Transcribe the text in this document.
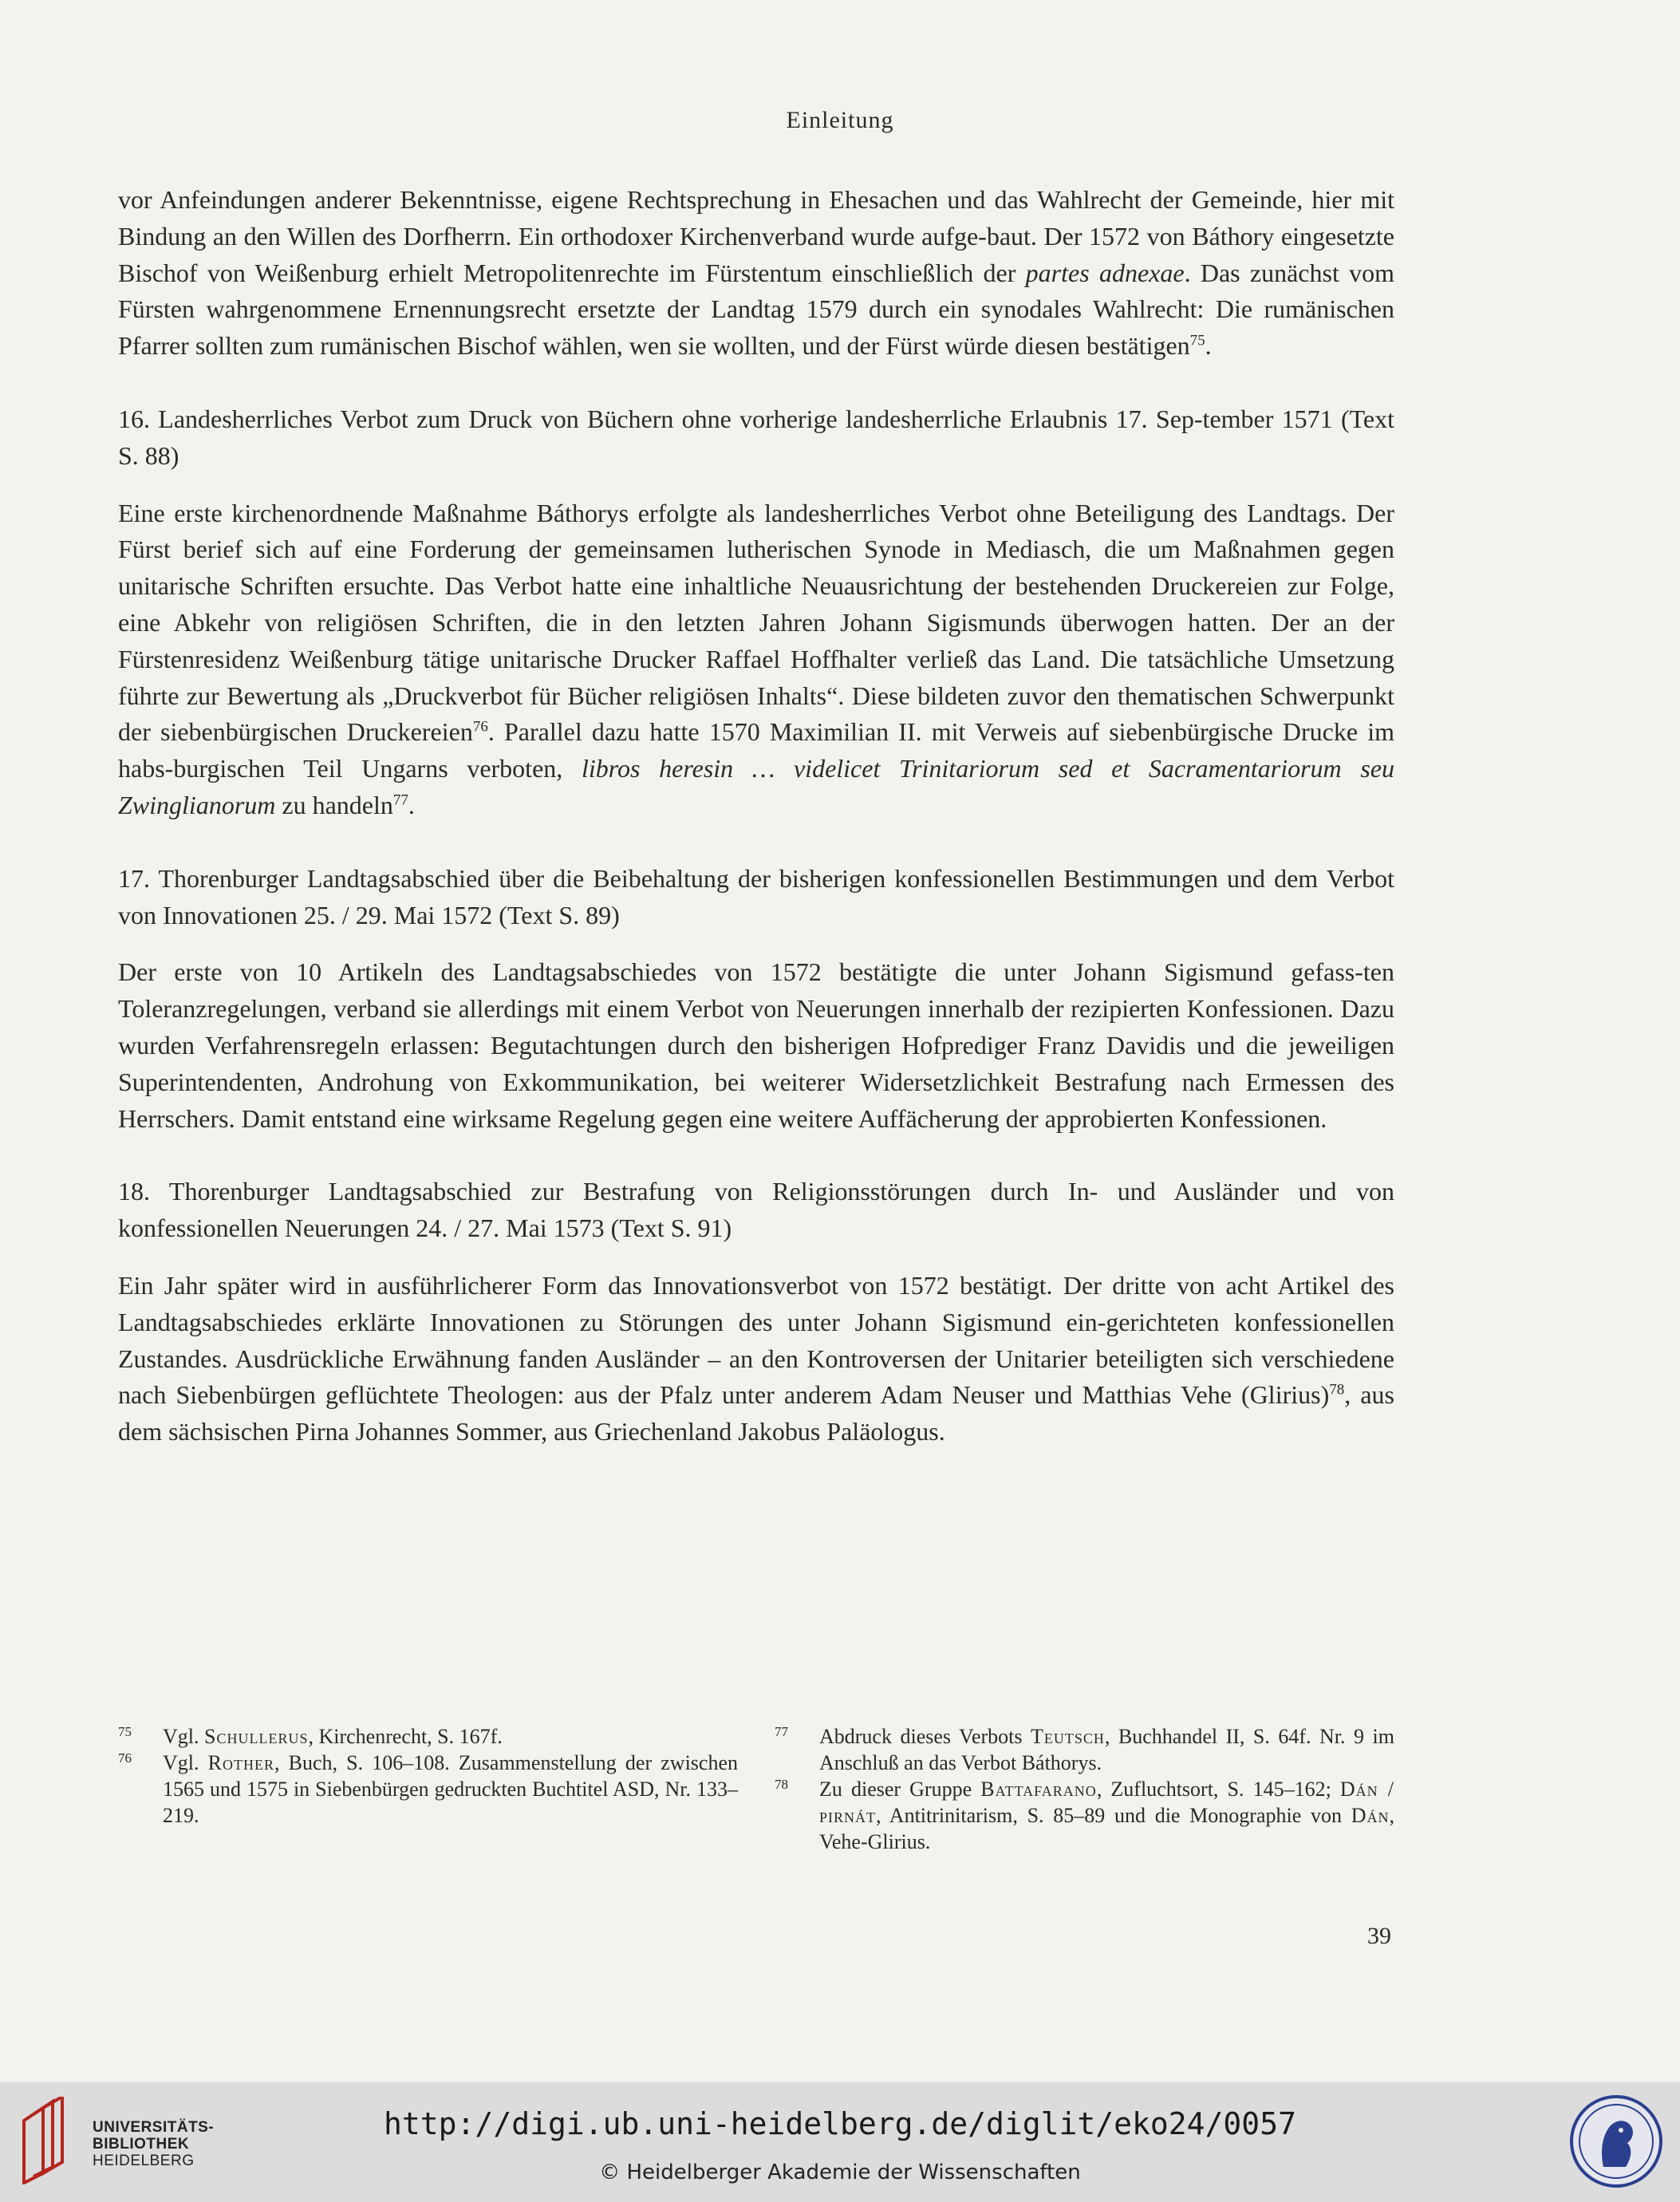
Einleitung

vor Anfeindungen anderer Bekenntnisse, eigene Rechtsprechung in Ehesachen und das Wahlrecht der Gemeinde, hier mit Bindung an den Willen des Dorfherrn. Ein orthodoxer Kirchenverband wurde aufge-baut. Der 1572 von Báthory eingesetzte Bischof von Weißenburg erhielt Metropolitenrechte im Fürstentum einschließlich der partes adnexae. Das zunächst vom Fürsten wahrgenommene Ernennungsrecht ersetzte der Landtag 1579 durch ein synodales Wahlrecht: Die rumänischen Pfarrer sollten zum rumänischen Bischof wählen, wen sie wollten, und der Fürst würde diesen bestätigen$^{75}$.

16. Landesherrliches Verbot zum Druck von Büchern ohne vorherige landesherrliche Erlaubnis 17. Sep-tember 1571 (Text S. 88)

Eine erste kirchenordnende Maßnahme Báthorys erfolgte als landesherrliches Verbot ohne Beteiligung des Landtags. Der Fürst berief sich auf eine Forderung der gemeinsamen lutherischen Synode in Mediasch, die um Maßnahmen gegen unitarische Schriften ersuchte. Das Verbot hatte eine inhaltliche Neuausrichtung der bestehenden Druckereien zur Folge, eine Abkehr von religiösen Schriften, die in den letzten Jahren Johann Sigismunds überwogen hatten. Der an der Fürstenresidenz Weißenburg tätige unitarische Drucker Raffael Hoffhalter verließ das Land. Die tatsächliche Umsetzung führte zur Bewertung als „Druckverbot für Bücher religiösen Inhalts“. Diese bildeten zuvor den thematischen Schwerpunkt der siebenbürgischen Druckereien$^{76}$. Parallel dazu hatte 1570 Maximilian II. mit Verweis auf siebenbürgische Drucke im habs-burgischen Teil Ungarns verboten, libros heresin … videlicet Trinitariorum sed et Sacramentariorum seu Zwinglianorum zu handeln$^{77}$.

17. Thorenburger Landtagsabschied über die Beibehaltung der bisherigen konfessionellen Bestimmungen und dem Verbot von Innovationen 25. / 29. Mai 1572 (Text S. 89)

Der erste von 10 Artikeln des Landtagsabschiedes von 1572 bestätigte die unter Johann Sigismund gefass-ten Toleranzregelungen, verband sie allerdings mit einem Verbot von Neuerungen innerhalb der rezipierten Konfessionen. Dazu wurden Verfahrensregeln erlassen: Begutachtungen durch den bisherigen Hofprediger Franz Davidis und die jeweiligen Superintendenten, Androhung von Exkommunikation, bei weiterer Widersetzlichkeit Bestrafung nach Ermessen des Herrschers. Damit entstand eine wirksame Regelung gegen eine weitere Auffächerung der approbierten Konfessionen.

18. Thorenburger Landtagsabschied zur Bestrafung von Religionsstörungen durch In- und Ausländer und von konfessionellen Neuerungen 24. / 27. Mai 1573 (Text S. 91)

Ein Jahr später wird in ausführlicherer Form das Innovationsverbot von 1572 bestätigt. Der dritte von acht Artikel des Landtagsabschiedes erklärte Innovationen zu Störungen des unter Johann Sigismund ein-gerichteten konfessionellen Zustandes. Ausdrückliche Erwähnung fanden Ausländer – an den Kontroversen der Unitarier beteiligten sich verschiedene nach Siebenbürgen geflüchtete Theologen: aus der Pfalz unter anderem Adam Neuser und Matthias Vehe (Glirius)$^{78}$, aus dem sächsischen Pirna Johannes Sommer, aus Griechenland Jakobus Paläologus.

75 Vgl. Schullerus, Kirchenrecht, S. 167f.

76 Vgl. Rother, Buch, S. 106–108. Zusammenstellung der zwischen 1565 und 1575 in Siebenbürgen gedruckten Buchtitel ASD, Nr. 133–219.

77 Abdruck dieses Verbots Teutsch, Buchhandel II, S. 64f. Nr. 9 im Anschluß an das Verbot Báthorys.

78 Zu dieser Gruppe Battafarano, Zufluchtsort, S. 145–162; Dán / pirnát, Antitrinitarism, S. 85–89 und die Monographie von Dán, Vehe-Glirius.

39
UNIVERSITÄTS-
BIBLIOTHEK
HEIDELBERG
http://digi.ub.uni-heidelberg.de/diglit/eko24/0057
© Heidelberger Akademie der Wissenschaften
